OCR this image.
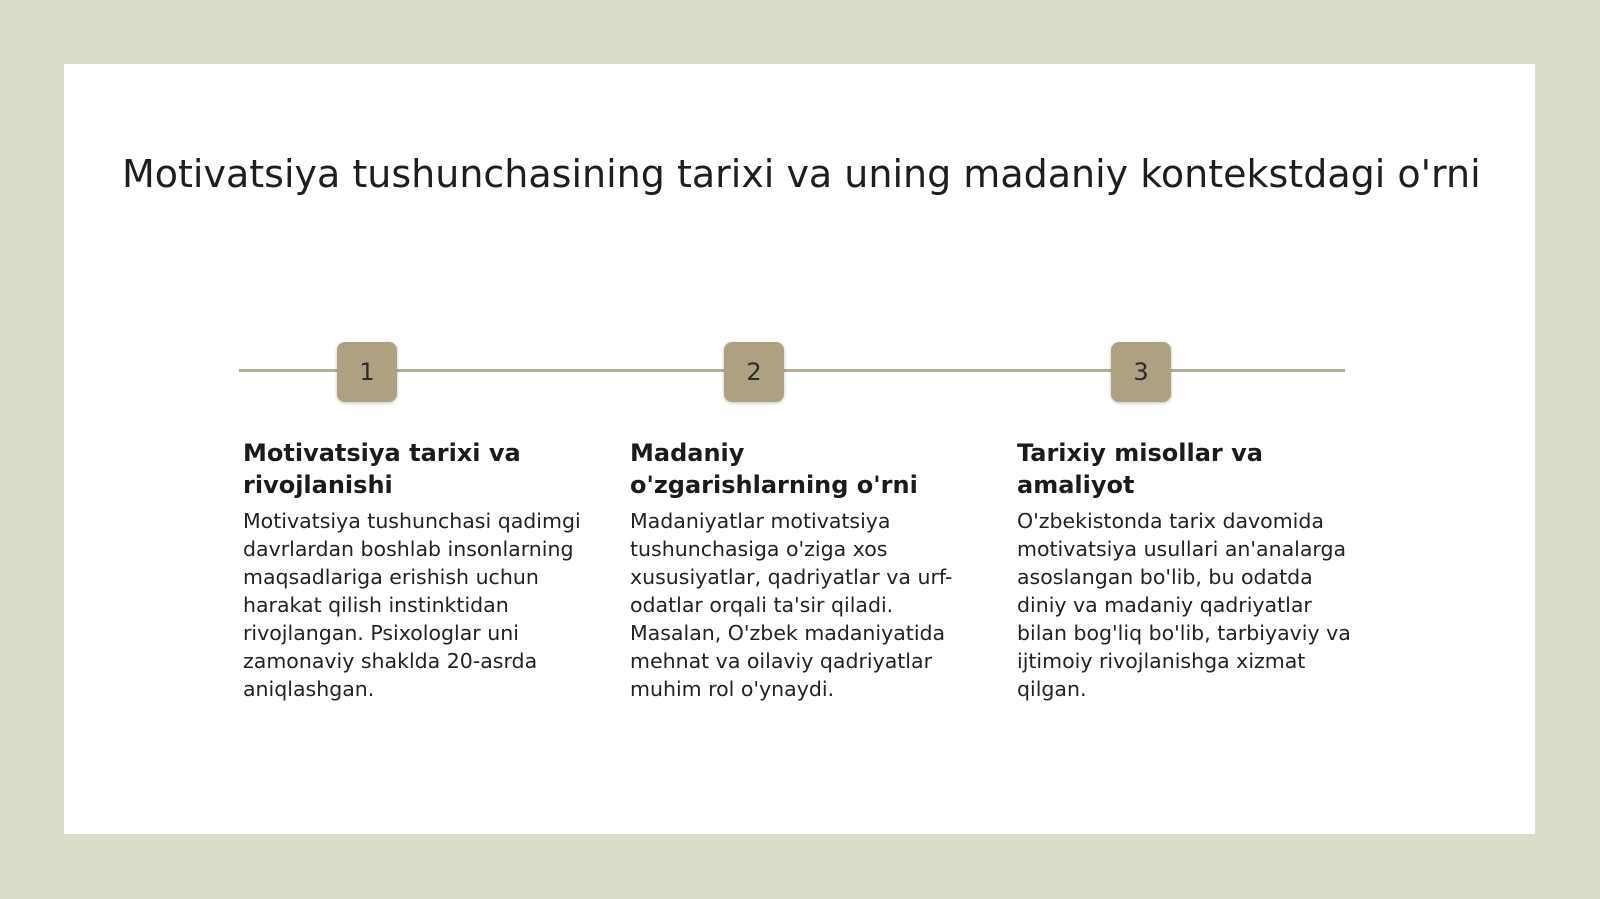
Motivatsiya tushunchasining tarixi va uning madaniy kontekstdagi o'rni
1	2	3
Motivatsiya tarixi va rivojlanishi

Motivatsiya tushunchasi qadimgi davrlardan boshlab insonlarning maqsadlariga erishish uchun harakat qilish instinktidan rivojlangan. Psixologlar uni zamonaviy shaklda 20-asrda aniqlashgan.

Madaniy o'zgarishlarning o'rni

Madaniyatlar motivatsiya tushunchasiga o'ziga xos xususiyatlar, qadriyatlar va urf-odatlar orqali ta'sir qiladi. Masalan, O'zbek madaniyatida mehnat va oilaviy qadriyatlar muhim rol o'ynaydi.

Tarixiy misollar va amaliyot

O'zbekistonda tarix davomida motivatsiya usullari an'analarga asoslangan bo'lib, bu odatda diniy va madaniy qadriyatlar bilan bog'liq bo'lib, tarbiyaviy va ijtimoiy rivojlanishga xizmat qilgan.
